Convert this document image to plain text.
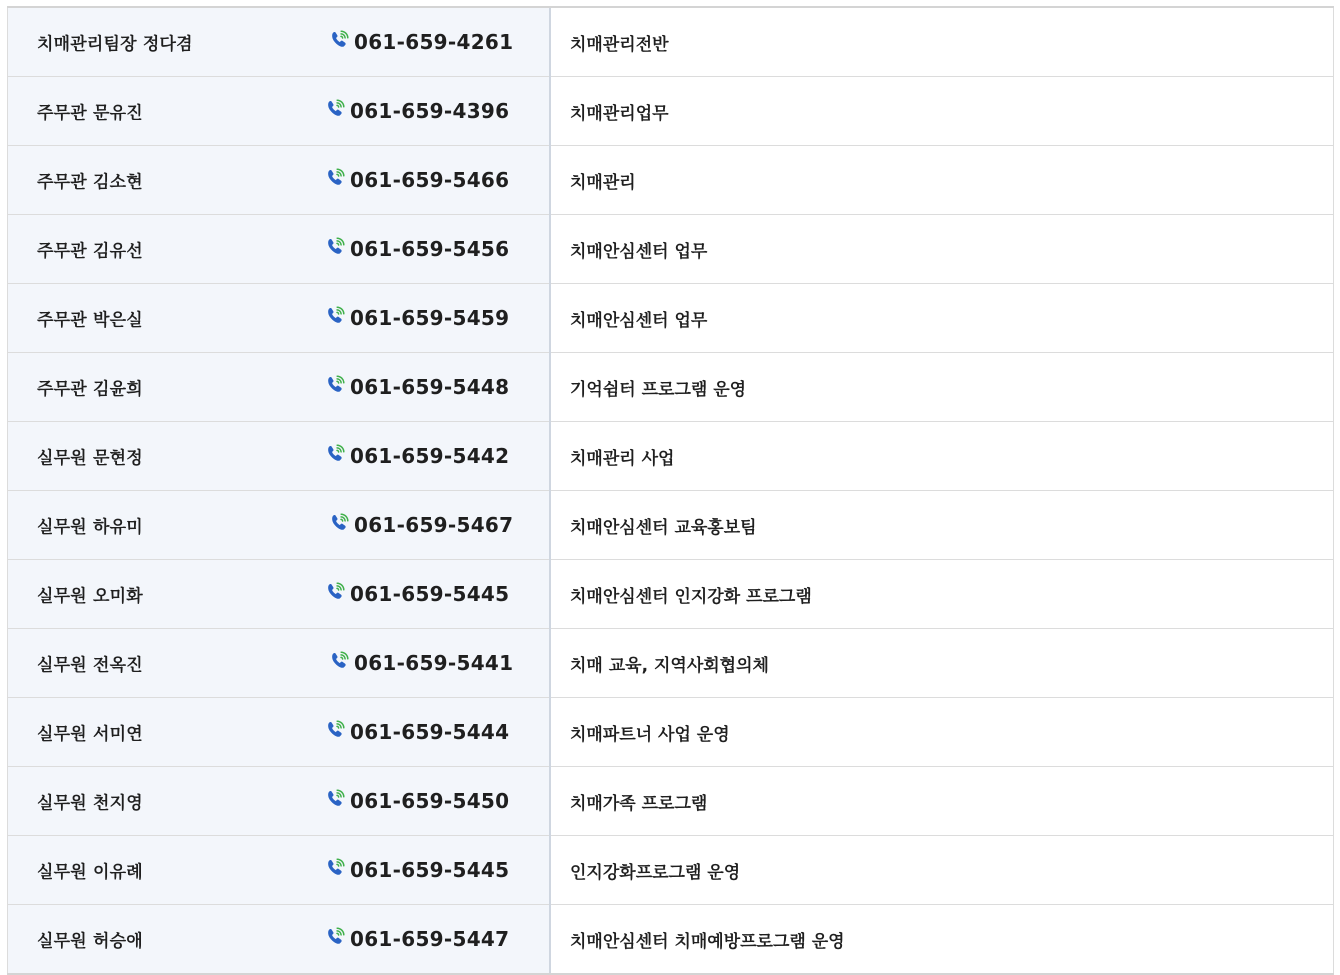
치매관리팀장 정다겸 061-659-4261	치매관리전반

주무관 문유진 061-659-4396	치매관리업무

주무관 김소현 061-659-5466	치매관리

주무관 김유선 061-659-5456	치매안심센터 업무

주무관 박은실 061-659-5459	치매안심센터 업무

주무관 김윤희 061-659-5448	기억쉼터 프로그램 운영

실무원 문현정 061-659-5442	치매관리 사업

실무원 하유미 061-659-5467	치매안심센터 교육홍보팀

실무원 오미화 061-659-5445	치매안심센터 인지강화 프로그램

실무원 전옥진 061-659-5441	치매 교육, 지역사회협의체

실무원 서미연 061-659-5444	치매파트너 사업 운영

실무원 천지영 061-659-5450	치매가족 프로그램

실무원 이유례 061-659-5445	인지강화프로그램 운영

실무원 허승애 061-659-5447	치매안심센터 치매예방프로그램 운영
